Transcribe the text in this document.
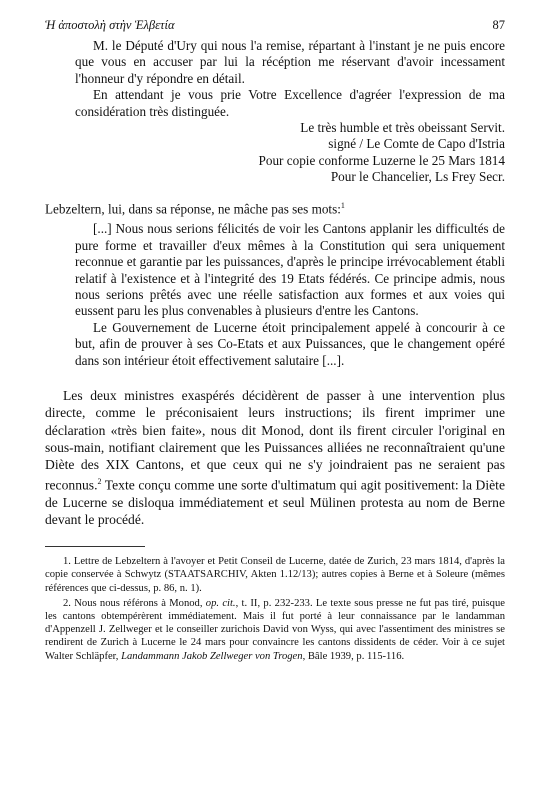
Ἡ ἀποστολὴ στὴν Ἑλβετία	87

M. le Député d'Ury qui nous l'a remise, répartant à l'instant je ne puis encore que vous en accuser par lui la récéption me réservant d'avoir incessament l'honneur d'y répondre en détail.

En attendant je vous prie Votre Excellence d'agréer l'expression de ma considération très distinguée.

Le très humble et très obeissant Servit.
signé / Le Comte de Capo d'Istria
Pour copie conforme Luzerne le 25 Mars 1814
Pour le Chancelier, Ls Frey Secr.

Lebzeltern, lui, dans sa réponse, ne mâche pas ses mots:$^1$

[...] Nous nous serions félicités de voir les Cantons applanir les difficultés de pure forme et travailler d'eux mêmes à la Constitution qui sera uniquement reconnue et garantie par les puissances, d'après le principe irrévocablement établi relatif à l'existence et à l'integrité des 19 Etats fédérés. Ce principe admis, nous nous serions prêtés avec une réelle satisfaction aux formes et aux voies qui eussent paru les plus convenables à plusieurs d'entre les Cantons.

Le Gouvernement de Lucerne étoit principalement appelé à concourir à ce but, afin de prouver à ses Co-Etats et aux Puissances, que le changement opéré dans son intérieur étoit effectivement salutaire [...].

Les deux ministres exaspérés décidèrent de passer à une intervention plus directe, comme le préconisaient leurs instructions; ils firent imprimer une déclaration «très bien faite», nous dit Monod, dont ils firent circuler l'original en sous-main, notifiant clairement que les Puissances alliées ne reconnaîtraient qu'une Diète des XIX Cantons, et que ceux qui ne s'y joindraient pas ne seraient pas reconnus.$^2$ Texte conçu comme une sorte d'ultimatum qui agit positivement: la Diète de Lucerne se disloqua immédiatement et seul Mülinen protesta au nom de Berne devant le procédé.

1. Lettre de Lebzeltern à l'avoyer et Petit Conseil de Lucerne, datée de Zurich, 23 mars 1814, d'après la copie conservée à Schwytz (STAATSARCHIV, Akten 1.12/13); autres copies à Berne et à Soleure (mêmes références que ci-dessus, p. 86, n. 1).

2. Nous nous référons à Monod, op. cit., t. II, p. 232-233. Le texte sous presse ne fut pas tiré, puisque les cantons obtempérèrent immédiatement. Mais il fut porté à leur connaissance par le landamman d'Appenzell J. Zellweger et le conseiller zurichois David von Wyss, qui avec l'assentiment des ministres se rendirent de Zurich à Lucerne le 24 mars pour convaincre les cantons dissidents de céder. Voir à ce sujet Walter Schläpfer, Landammann Jakob Zellweger von Trogen, Bâle 1939, p. 115-116.
